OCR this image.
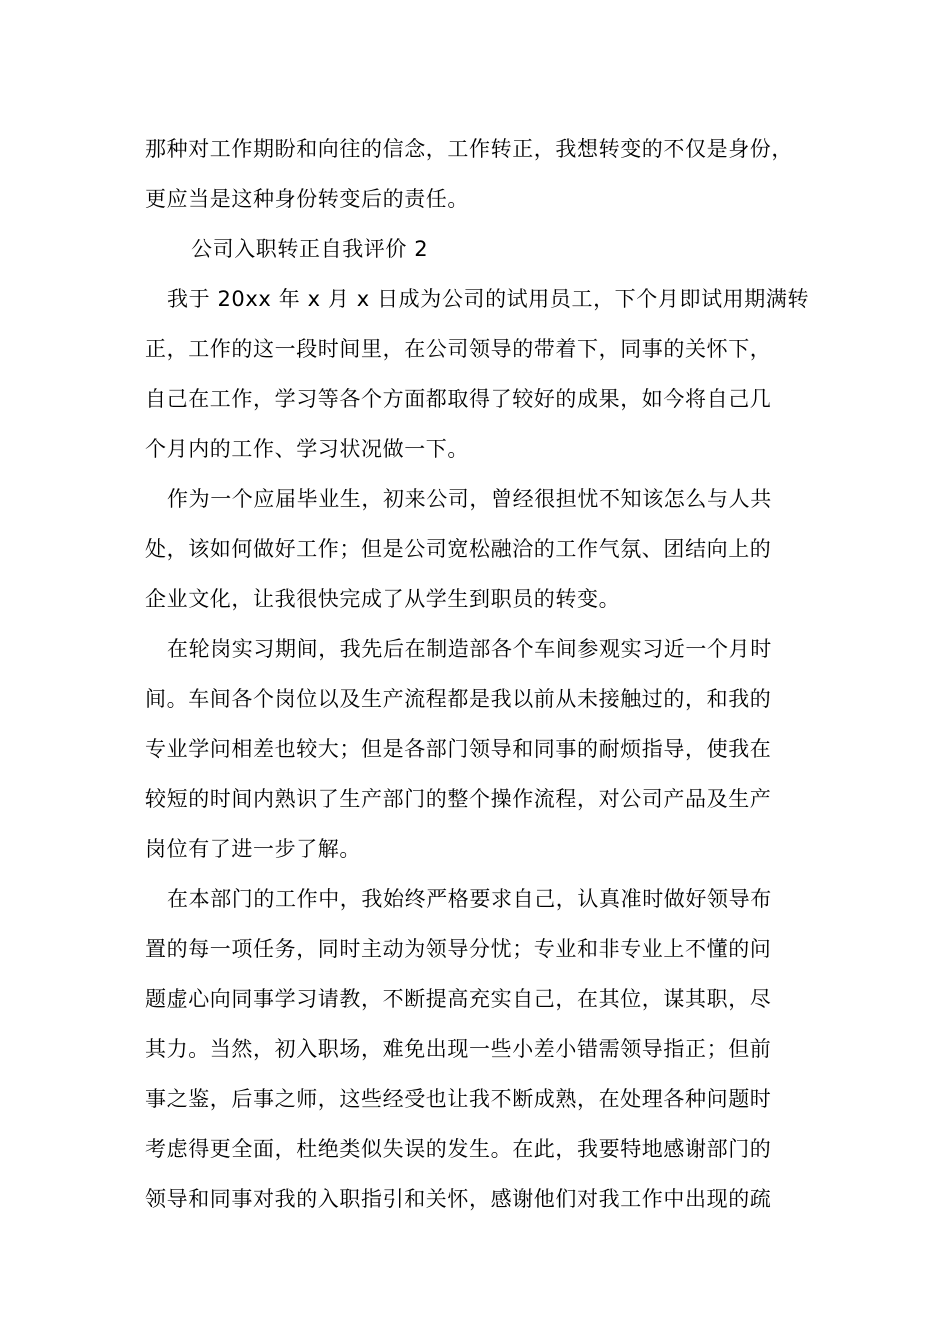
那种对工作期盼和向往的信念，工作转正，我想转变的不仅是身份，
更应当是这种身份转变后的责任。
公司入职转正自我评价 2
我于 20xx 年 x 月 x 日成为公司的试用员工，下个月即试用期满转
正，工作的这一段时间里，在公司领导的带着下，同事的关怀下，
自己在工作，学习等各个方面都取得了较好的成果，如今将自己几
个月内的工作、学习状况做一下。
作为一个应届毕业生，初来公司，曾经很担忧不知该怎么与人共
处，该如何做好工作；但是公司宽松融洽的工作气氛、团结向上的
企业文化，让我很快完成了从学生到职员的转变。
在轮岗实习期间，我先后在制造部各个车间参观实习近一个月时
间。车间各个岗位以及生产流程都是我以前从未接触过的，和我的
专业学问相差也较大；但是各部门领导和同事的耐烦指导，使我在
较短的时间内熟识了生产部门的整个操作流程，对公司产品及生产
岗位有了进一步了解。
在本部门的工作中，我始终严格要求自己，认真准时做好领导布
置的每一项任务，同时主动为领导分忧；专业和非专业上不懂的问
题虚心向同事学习请教，不断提高充实自己，在其位，谋其职，尽
其力。当然，初入职场，难免出现一些小差小错需领导指正；但前
事之鉴，后事之师，这些经受也让我不断成熟，在处理各种问题时
考虑得更全面，杜绝类似失误的发生。在此，我要特地感谢部门的
领导和同事对我的入职指引和关怀，感谢他们对我工作中出现的疏
